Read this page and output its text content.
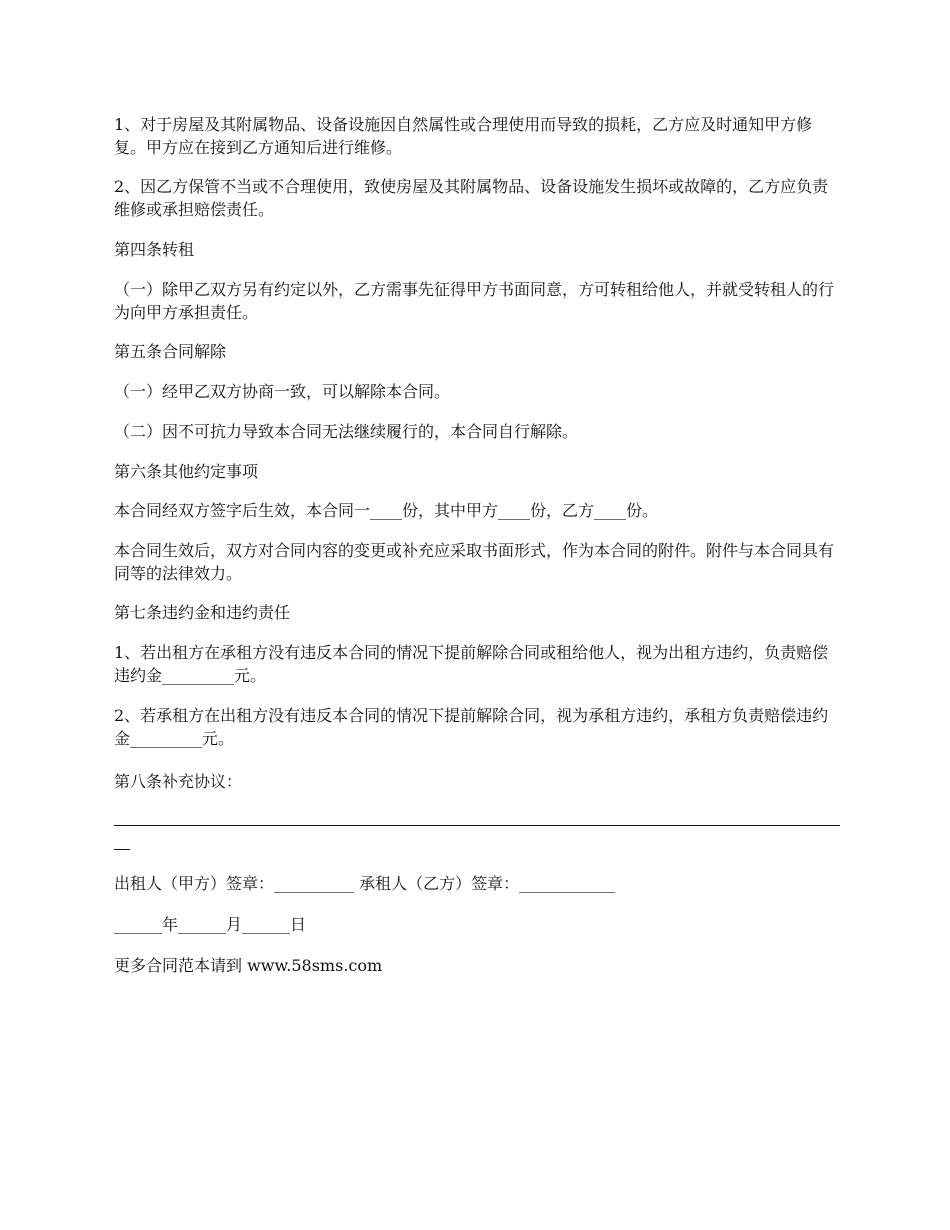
1、对于房屋及其附属物品、设备设施因自然属性或合理使用而导致的损耗，乙方应及时通知甲方修复。甲方应在接到乙方通知后进行维修。
2、因乙方保管不当或不合理使用，致使房屋及其附属物品、设备设施发生损坏或故障的，乙方应负责维修或承担赔偿责任。
第四条转租
（一）除甲乙双方另有约定以外，乙方需事先征得甲方书面同意，方可转租给他人，并就受转租人的行为向甲方承担责任。
第五条合同解除
（一）经甲乙双方协商一致，可以解除本合同。
（二）因不可抗力导致本合同无法继续履行的，本合同自行解除。
第六条其他约定事项
本合同经双方签字后生效，本合同一____份，其中甲方____份，乙方____份。
本合同生效后，双方对合同内容的变更或补充应采取书面形式，作为本合同的附件。附件与本合同具有同等的法律效力。
第七条违约金和违约责任
1、若出租方在承租方没有违反本合同的情况下提前解除合同或租给他人，视为出租方违约，负责赔偿违约金_________元。
2、若承租方在出租方没有违反本合同的情况下提前解除合同，视为承租方违约，承租方负责赔偿违约金_________元。
第八条补充协议：
出租人（甲方）签章：__________ 承租人（乙方）签章：____________
______年______月______日
更多合同范本请到 www.58sms.com
